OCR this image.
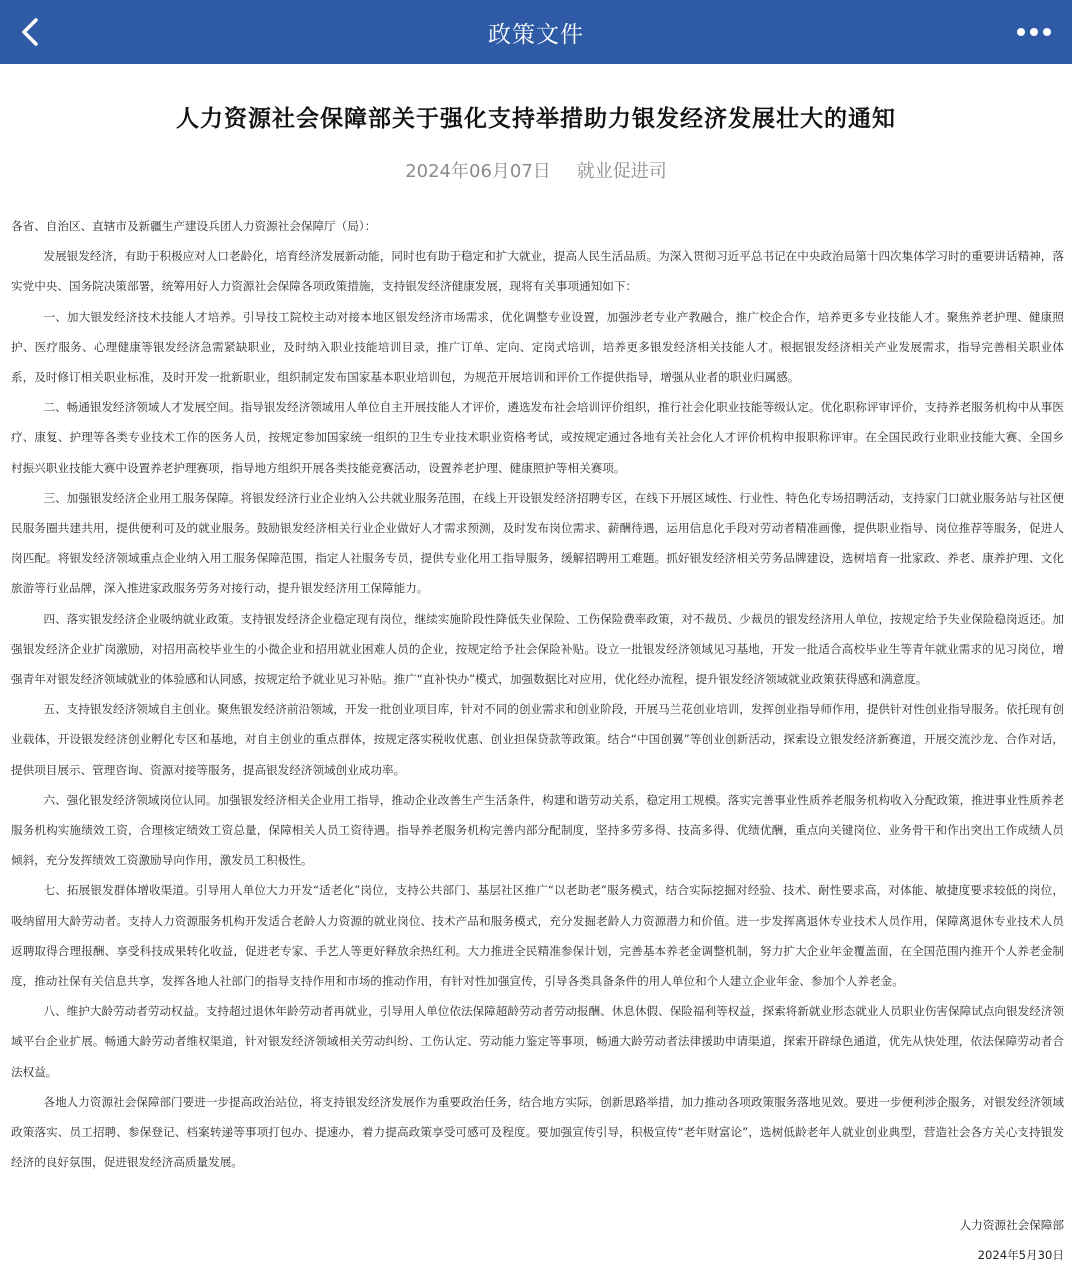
政策文件
人力资源社会保障部关于强化支持举措助力银发经济发展壮大的通知
2024年06月07日 就业促进司

各省、自治区、直辖市及新疆生产建设兵团人力资源社会保障厅（局）：

发展银发经济，有助于积极应对人口老龄化，培育经济发展新动能，同时也有助于稳定和扩大就业，提高人民生活品质。为深入贯彻习近平总书记在中央政治局第十四次集体学习时的重要讲话精神，落实党中央、国务院决策部署，统筹用好人力资源社会保障各项政策措施，支持银发经济健康发展，现将有关事项通知如下：

一、加大银发经济技术技能人才培养。引导技工院校主动对接本地区银发经济市场需求，优化调整专业设置，加强涉老专业产教融合，推广校企合作，培养更多专业技能人才。聚焦养老护理、健康照护、医疗服务、心理健康等银发经济急需紧缺职业，及时纳入职业技能培训目录，推广订单、定向、定岗式培训，培养更多银发经济相关技能人才。根据银发经济相关产业发展需求，指导完善相关职业体系，及时修订相关职业标准，及时开发一批新职业，组织制定发布国家基本职业培训包，为规范开展培训和评价工作提供指导，增强从业者的职业归属感。

二、畅通银发经济领域人才发展空间。指导银发经济领域用人单位自主开展技能人才评价，遴选发布社会培训评价组织，推行社会化职业技能等级认定。优化职称评审评价，支持养老服务机构中从事医疗、康复、护理等各类专业技术工作的医务人员，按规定参加国家统一组织的卫生专业技术职业资格考试，或按规定通过各地有关社会化人才评价机构申报职称评审。在全国民政行业职业技能大赛、全国乡村振兴职业技能大赛中设置养老护理赛项，指导地方组织开展各类技能竞赛活动，设置养老护理、健康照护等相关赛项。

三、加强银发经济企业用工服务保障。将银发经济行业企业纳入公共就业服务范围，在线上开设银发经济招聘专区，在线下开展区域性、行业性、特色化专场招聘活动，支持家门口就业服务站与社区便民服务圈共建共用，提供便利可及的就业服务。鼓励银发经济相关行业企业做好人才需求预测，及时发布岗位需求、薪酬待遇，运用信息化手段对劳动者精准画像，提供职业指导、岗位推荐等服务，促进人岗匹配。将银发经济领域重点企业纳入用工服务保障范围，指定人社服务专员，提供专业化用工指导服务，缓解招聘用工难题。抓好银发经济相关劳务品牌建设，选树培育一批家政、养老、康养护理、文化旅游等行业品牌，深入推进家政服务劳务对接行动，提升银发经济用工保障能力。

四、落实银发经济企业吸纳就业政策。支持银发经济企业稳定现有岗位，继续实施阶段性降低失业保险、工伤保险费率政策，对不裁员、少裁员的银发经济用人单位，按规定给予失业保险稳岗返还。加强银发经济企业扩岗激励，对招用高校毕业生的小微企业和招用就业困难人员的企业，按规定给予社会保险补贴。设立一批银发经济领域见习基地，开发一批适合高校毕业生等青年就业需求的见习岗位，增强青年对银发经济领域就业的体验感和认同感，按规定给予就业见习补贴。推广“直补快办”模式，加强数据比对应用，优化经办流程，提升银发经济领域就业政策获得感和满意度。

五、支持银发经济领域自主创业。聚焦银发经济前沿领域，开发一批创业项目库，针对不同的创业需求和创业阶段，开展马兰花创业培训，发挥创业指导师作用，提供针对性创业指导服务。依托现有创业载体，开设银发经济创业孵化专区和基地，对自主创业的重点群体，按规定落实税收优惠、创业担保贷款等政策。结合“中国创翼”等创业创新活动，探索设立银发经济新赛道，开展交流沙龙、合作对话，提供项目展示、管理咨询、资源对接等服务，提高银发经济领域创业成功率。

六、强化银发经济领域岗位认同。加强银发经济相关企业用工指导，推动企业改善生产生活条件，构建和谐劳动关系，稳定用工规模。落实完善事业性质养老服务机构收入分配政策，推进事业性质养老服务机构实施绩效工资，合理核定绩效工资总量，保障相关人员工资待遇。指导养老服务机构完善内部分配制度，坚持多劳多得、技高多得、优绩优酬，重点向关键岗位、业务骨干和作出突出工作成绩人员倾斜，充分发挥绩效工资激励导向作用，激发员工积极性。

七、拓展银发群体增收渠道。引导用人单位大力开发“适老化”岗位，支持公共部门、基层社区推广“以老助老”服务模式，结合实际挖掘对经验、技术、耐性要求高，对体能、敏捷度要求较低的岗位，吸纳留用大龄劳动者。支持人力资源服务机构开发适合老龄人力资源的就业岗位、技术产品和服务模式，充分发掘老龄人力资源潜力和价值。进一步发挥离退休专业技术人员作用，保障离退休专业技术人员返聘取得合理报酬、享受科技成果转化收益，促进老专家、手艺人等更好释放余热红利。大力推进全民精准参保计划，完善基本养老金调整机制，努力扩大企业年金覆盖面，在全国范围内推开个人养老金制度，推动社保有关信息共享，发挥各地人社部门的指导支持作用和市场的推动作用，有针对性加强宣传，引导各类具备条件的用人单位和个人建立企业年金、参加个人养老金。

八、维护大龄劳动者劳动权益。支持超过退休年龄劳动者再就业，引导用人单位依法保障超龄劳动者劳动报酬、休息休假、保险福利等权益，探索将新就业形态就业人员职业伤害保障试点向银发经济领域平台企业扩展。畅通大龄劳动者维权渠道，针对银发经济领域相关劳动纠纷、工伤认定、劳动能力鉴定等事项，畅通大龄劳动者法律援助申请渠道，探索开辟绿色通道，优先从快处理，依法保障劳动者合法权益。

各地人力资源社会保障部门要进一步提高政治站位，将支持银发经济发展作为重要政治任务，结合地方实际，创新思路举措，加力推动各项政策服务落地见效。要进一步便利涉企服务，对银发经济领域政策落实、员工招聘、参保登记、档案转递等事项打包办、提速办，着力提高政策享受可感可及程度。要加强宣传引导，积极宣传“老年财富论”，选树低龄老年人就业创业典型，营造社会各方关心支持银发经济的良好氛围，促进银发经济高质量发展。

人力资源社会保障部
2024年5月30日
